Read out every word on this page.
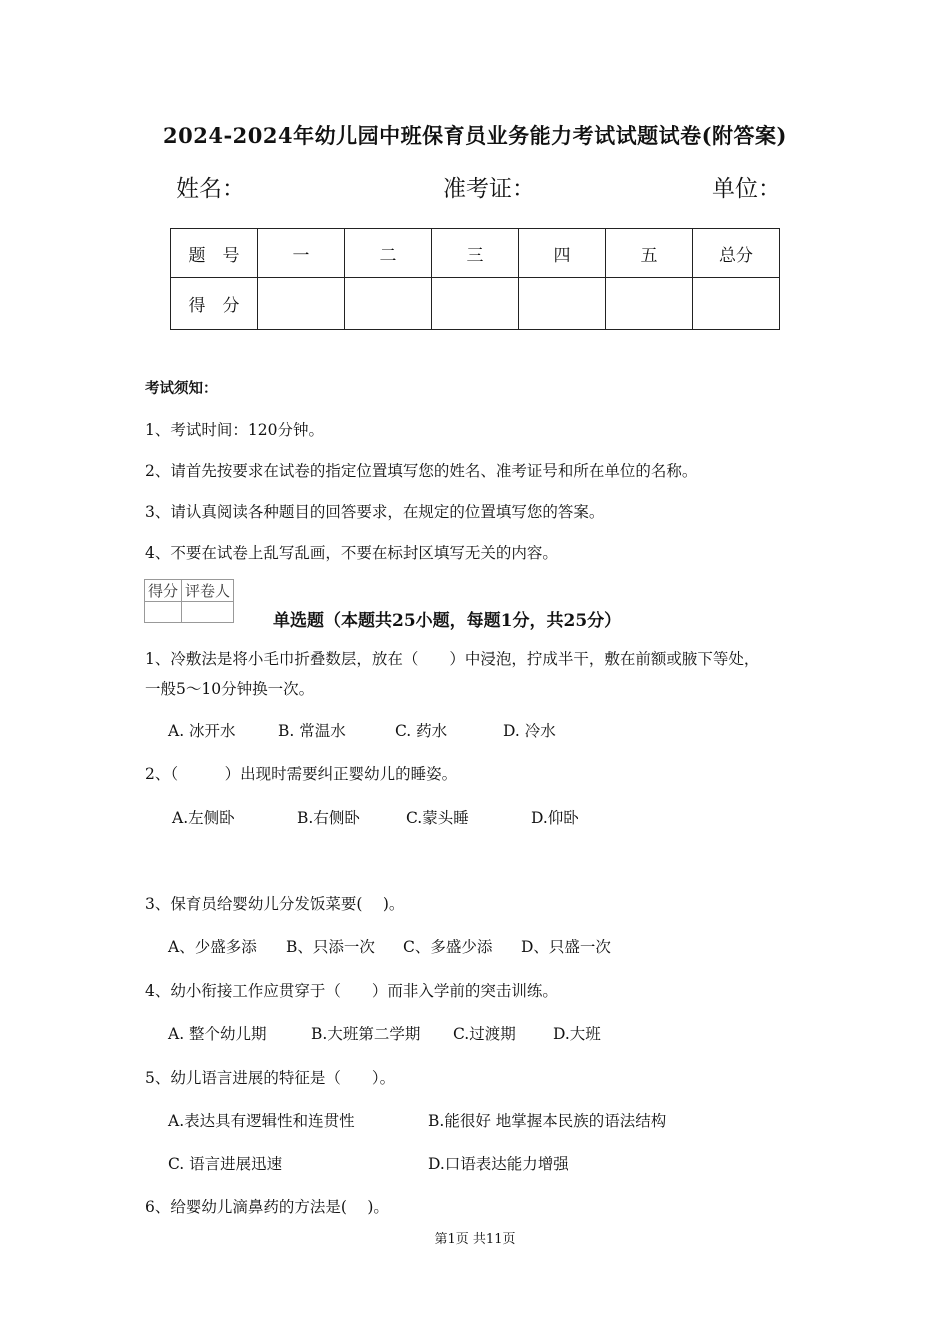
2024-2024年幼儿园中班保育员业务能力考试试题试卷(附答案)
姓名：	准考证：	单位：
题　号	一	二	三	四	五	总分
得　分						
考试须知：
1、考试时间：120分钟。
2、请首先按要求在试卷的指定位置填写您的姓名、准考证号和所在单位的名称。
3、请认真阅读各种题目的回答要求，在规定的位置填写您的答案。
4、不要在试卷上乱写乱画，不要在标封区填写无关的内容。
得分	评卷人

单选题（本题共25小题，每题1分，共25分）
1、冷敷法是将小毛巾折叠数层，放在（　　）中浸泡，拧成半干，敷在前额或腋下等处，
一般5～10分钟换一次。
A. 冰开水	B. 常温水	C. 药水	D. 冷水
2、（　　　）出现时需要纠正婴幼儿的睡姿。
A.左侧卧	B.右侧卧	C.蒙头睡	D.仰卧
3、保育员给婴幼儿分发饭菜要(　 )。
A、少盛多添 B、只添一次 C、多盛少添 D、只盛一次
4、幼小衔接工作应贯穿于（　　）而非入学前的突击训练。
A. 整个幼儿期	B.大班第二学期 C.过渡期 D.大班
5、幼儿语言进展的特征是（　　）。
A.表达具有逻辑性和连贯性	B.能很好 地掌握本民族的语法结构
C. 语言进展迅速	D.口语表达能力增强
6、给婴幼儿滴鼻药的方法是(　 )。
第1页 共11页
